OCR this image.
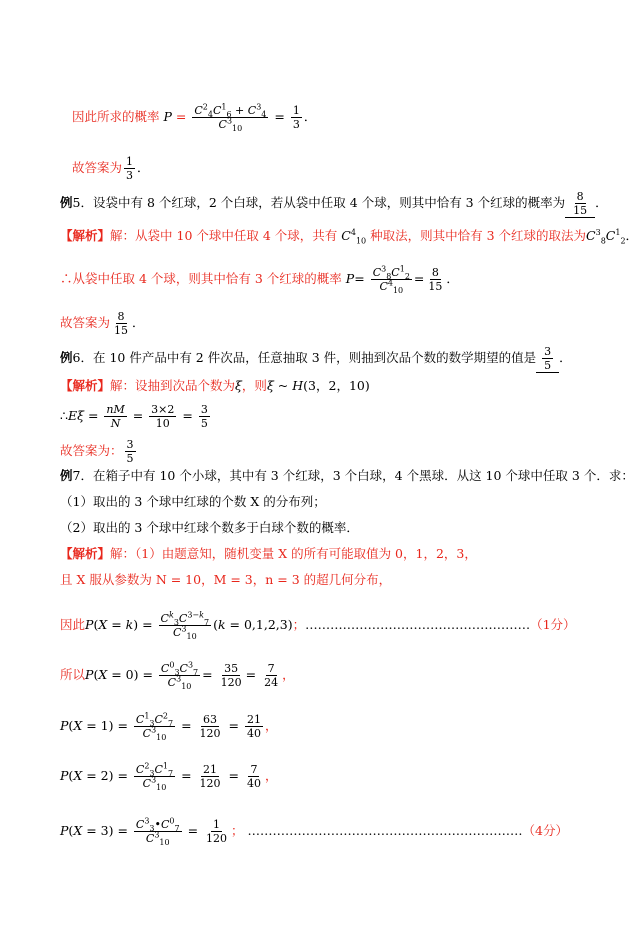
因此所求的概率 $P = \frac{C^2_4C^1_6 + C^3_4}{C^3_{10}} = \frac{1}{3}$ ．
故答案为 $\frac{1}{3}$ ．
例5．设袋中有 8 个红球，2 个白球，若从袋中任取 4 个球，则其中恰有 3 个红球的概率为 $\frac{8}{15}$ ．
【解析】解：从袋中 10 个球中任取 4 个球，共有 $C^4_{10}$ 种取法，则其中恰有 3 个红球的取法为$C^3_8C^1_2$．
∴从袋中任取 4 个球，则其中恰有 3 个红球的概率 $P= \frac{C^3_8C^1_2}{C^4_{10}} = \frac{8}{15}$ ．
故答案为 $\frac{8}{15}$ ．
例6．在 10 件产品中有 2 件次品，任意抽取 3 件，则抽到次品个数的数学期望的值是 $\frac{3}{5}$ ．
【解析】解：设抽到次品个数为ξ，则ξ ~ H(3，2，10)
∴Eξ = $\frac{nM}{N} = \frac{3\times 2}{10} = \frac{3}{5}$
故答案为： $\frac{3}{5}$
例7．在箱子中有 10 个小球，其中有 3 个红球，3 个白球，4 个黑球．从这 10 个球中任取 3 个．求：
（1）取出的 3 个球中红球的个数 X 的分布列；
（2）取出的 3 个球中红球个数多于白球个数的概率．
【解析】解：（1）由题意知，随机变量 X 的所有可能取值为 0，1，2，3，
且 X 服从参数为 N = 10，M = 3，n = 3 的超几何分布，
因此$P(X = k) = \frac{C^k_3C^{3-k}_7}{C^3_{10}} (k = 0,1,2,3)$；………………………………………………（1分）
所以$P(X = 0) = \frac{C^0_3C^3_7}{C^3_{10}} = \frac{35}{120} = \frac{7}{24}$ ，
$P(X = 1) = \frac{C^1_3C^2_7}{C^3_{10}} = \frac{63}{120} = \frac{21}{40}$ ，
$P(X = 2) = \frac{C^2_3C^1_7}{C^3_{10}} = \frac{21}{120} = \frac{7}{40}$ ，
$P(X = 3) = \frac{C^3_3•C^0_7}{C^3_{10}} = \frac{1}{120}$ ； …………………………………………………………（4分）
